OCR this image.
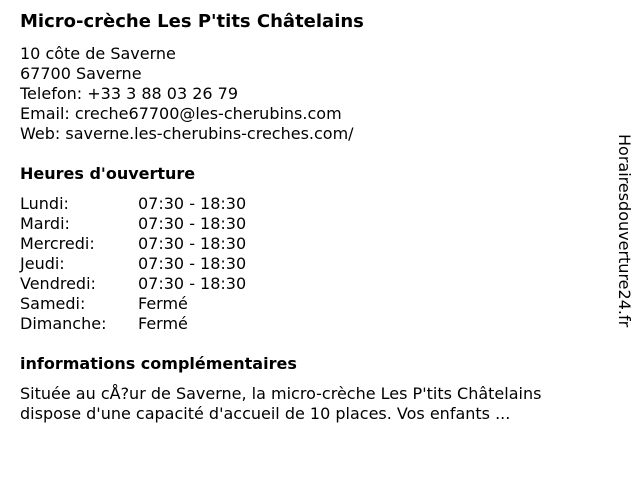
Micro-crèche Les P'tits Châtelains
10 côte de Saverne
67700 Saverne
Telefon: +33 3 88 03 26 79
Email: creche67700@les-cherubins.com
Web: saverne.les-cherubins-creches.com/
Heures d'ouverture
Lundi:	07:30 - 18:30
Mardi:	07:30 - 18:30
Mercredi:	07:30 - 18:30
Jeudi:	07:30 - 18:30
Vendredi:	07:30 - 18:30
Samedi:	Fermé
Dimanche: Fermé
informations complémentaires
Située au cÅ?ur de Saverne, la micro-crèche Les P'tits Châtelains
dispose d'une capacité d'accueil de 10 places. Vos enfants ...
Horairesdouverture24.fr
